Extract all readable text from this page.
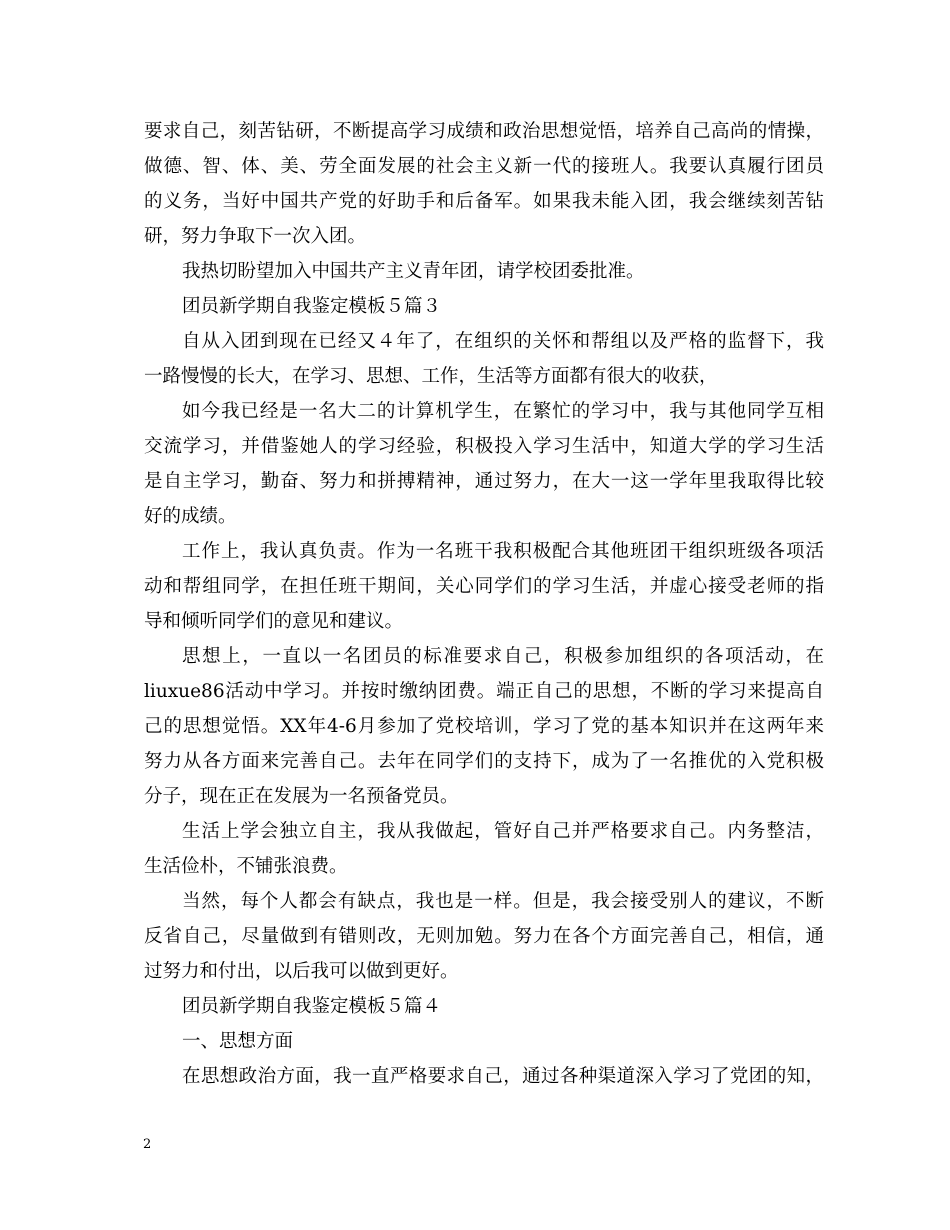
要求自己，刻苦钻研，不断提高学习成绩和政治思想觉悟，培养自己高尚的情操，
做德、智、体、美、劳全面发展的社会主义新一代的接班人。我要认真履行团员
的义务，当好中国共产党的好助手和后备军。如果我未能入团，我会继续刻苦钻
研，努力争取下一次入团。
我热切盼望加入中国共产主义青年团，请学校团委批准。
团员新学期自我鉴定模板５篇３
自从入团到现在已经又４年了，在组织的关怀和帮组以及严格的监督下，我
一路慢慢的长大，在学习、思想、工作，生活等方面都有很大的收获，
如今我已经是一名大二的计算机学生，在繁忙的学习中，我与其他同学互相
交流学习，并借鉴她人的学习经验，积极投入学习生活中，知道大学的学习生活
是自主学习，勤奋、努力和拼搏精神，通过努力，在大一这一学年里我取得比较
好的成绩。
工作上，我认真负责。作为一名班干我积极配合其他班团干组织班级各项活
动和帮组同学，在担任班干期间，关心同学们的学习生活，并虚心接受老师的指
导和倾听同学们的意见和建议。
思想上，一直以一名团员的标准要求自己，积极参加组织的各项活动，在
liuxue86活动中学习。并按时缴纳团费。端正自己的思想，不断的学习来提高自
己的思想觉悟。XX年4-6月参加了党校培训，学习了党的基本知识并在这两年来
努力从各方面来完善自己。去年在同学们的支持下，成为了一名推优的入党积极
分子，现在正在发展为一名预备党员。
生活上学会独立自主，我从我做起，管好自己并严格要求自己。内务整洁，
生活俭朴，不铺张浪费。
当然，每个人都会有缺点，我也是一样。但是，我会接受别人的建议，不断
反省自己，尽量做到有错则改，无则加勉。努力在各个方面完善自己，相信，通
过努力和付出，以后我可以做到更好。
团员新学期自我鉴定模板５篇４
一、思想方面
在思想政治方面，我一直严格要求自己，通过各种渠道深入学习了党团的知，
2
